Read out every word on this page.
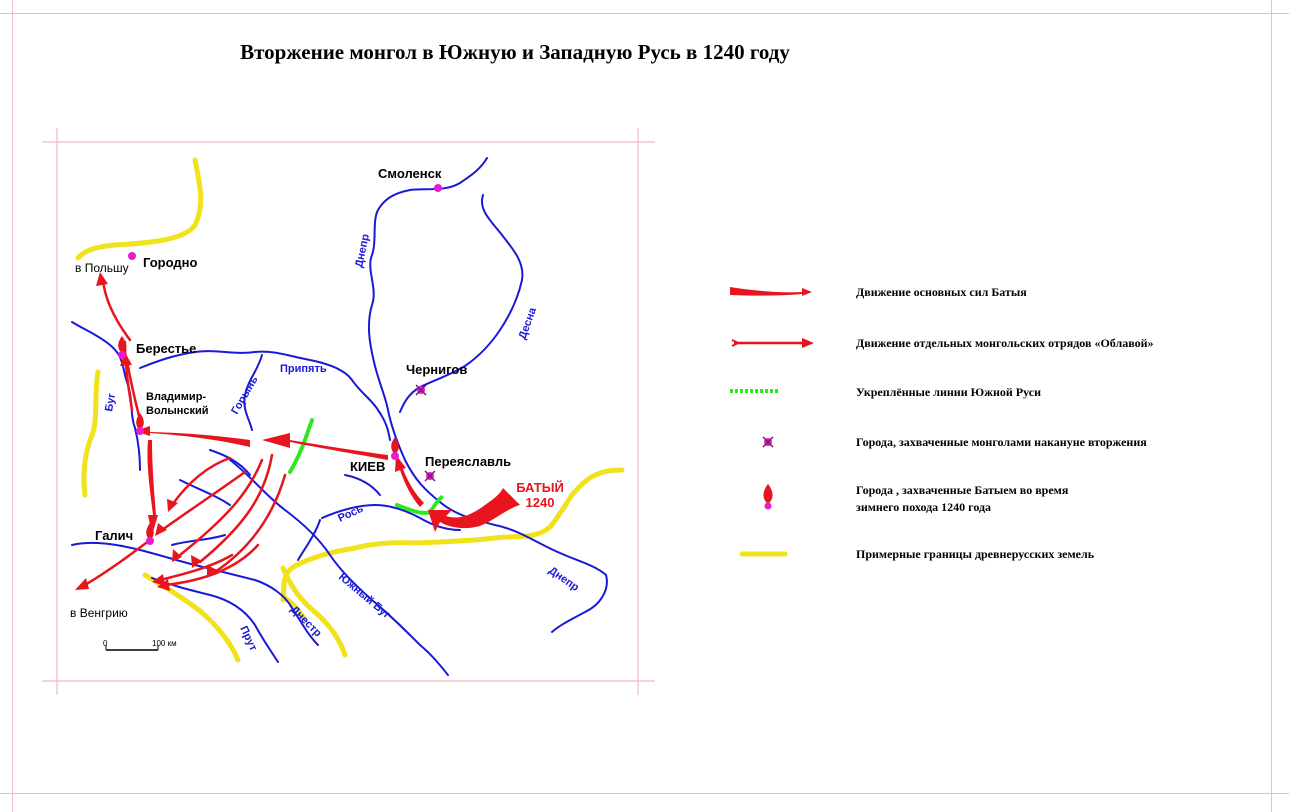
Вторжение монгол в Южную и Западную Русь в 1240 году
Смоленск
Городно
Берестье
Владимир-
Волынский
Чернигов
КИЕВ	Переяславль
Галич
в Польшу
в Венгрию
БАТЫЙ
1240
Днепр
Десна
Припять
Горынь
Буг
Рось
Днепр
Южный Буг
Днестр
Прут
0	100 км
Движение основных сил Батыя
Движение отдельных монгольских отрядов «Облавой»
Укреплённые линии Южной Руси
Города, захваченные монголами накануне вторжения
Города , захваченные Батыем во время
зимнего похода 1240 года
Примерные границы древнерусских земель
